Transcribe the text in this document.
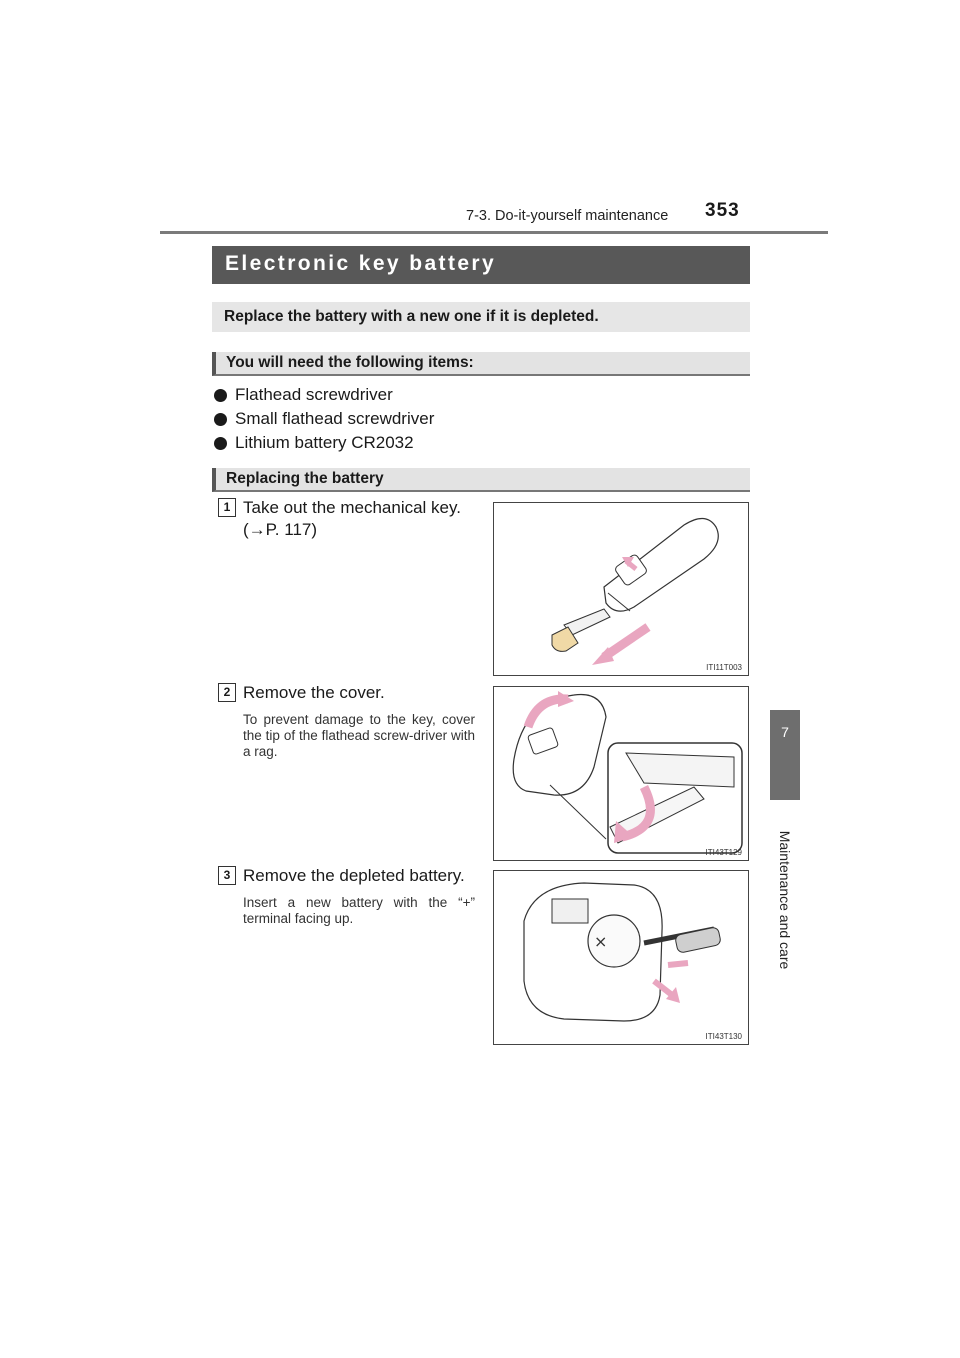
7-3. Do-it-yourself maintenance 353
7
Maintenance and care
Electronic key battery
Replace the battery with a new one if it is depleted.
You will need the following items:
Flathead screwdriver
Small flathead screwdriver
Lithium battery CR2032
Replacing the battery
1 Take out the mechanical key.
(→P. 117)
ITI11T003
2 Remove the cover.
To prevent damage to the key, cover the tip of the flathead screw-driver with a rag.
ITI43T129
3 Remove the depleted battery.
Insert a new battery with the “+” terminal facing up.
×
ITI43T130
